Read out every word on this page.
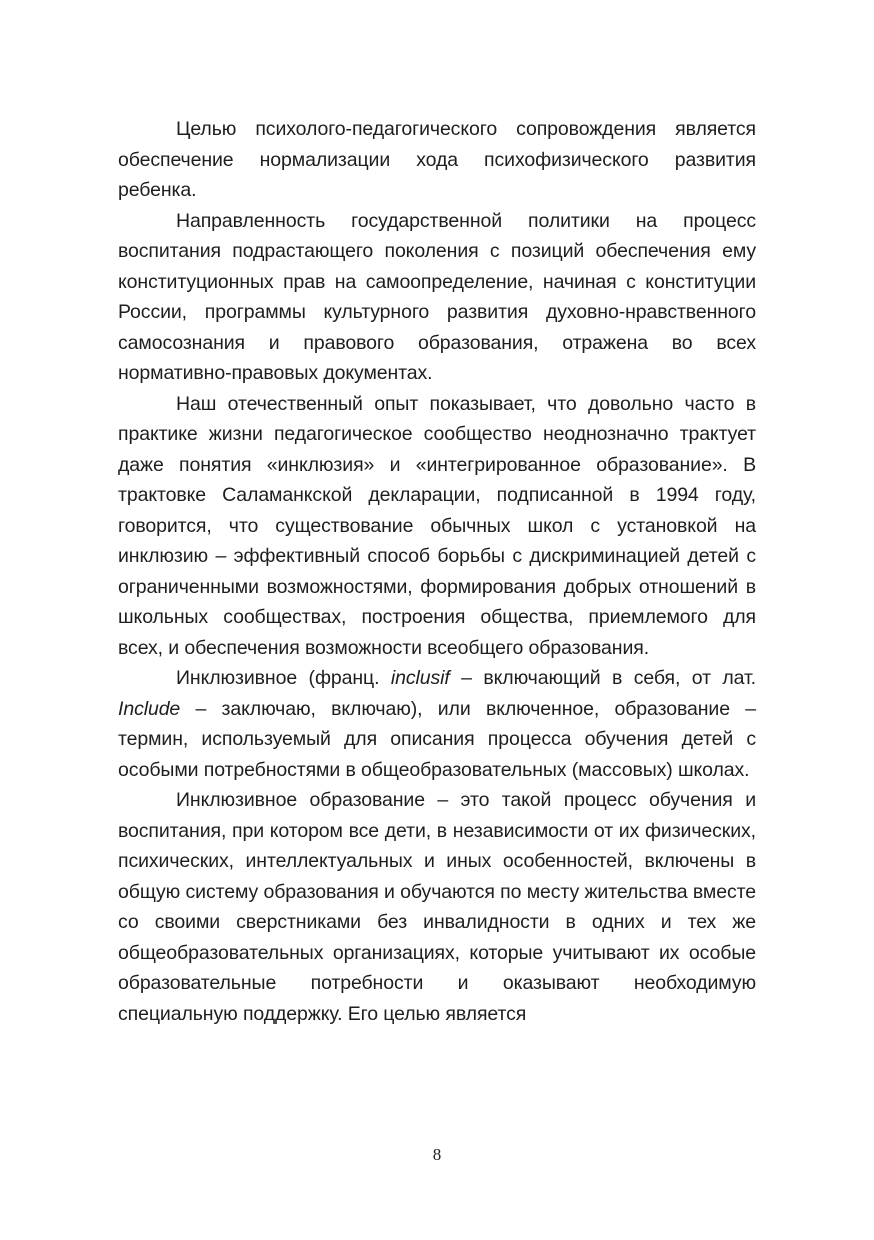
Целью психолого-педагогического сопровождения является обеспечение нормализации хода психофизического развития ребенка.

Направленность государственной политики на процесс воспитания подрастающего поколения с позиций обеспечения ему конституционных прав на самоопределение, начиная с конституции России, программы культурного развития духовно-нравственного самосознания и правового образования, отражена во всех нормативно-правовых документах.

Наш отечественный опыт показывает, что довольно часто в практике жизни педагогическое сообщество неоднозначно трактует даже понятия «инклюзия» и «интегрированное образование». В трактовке Саламанкской декларации, подписанной в 1994 году, говорится, что существование обычных школ с установкой на инклюзию – эффективный способ борьбы с дискриминацией детей с ограниченными возможностями, формирования добрых отношений в школьных сообществах, построения общества, приемлемого для всех, и обеспечения возможности всеобщего образования.

Инклюзивное (франц. inclusif – включающий в себя, от лат. Include – заключаю, включаю), или включенное, образование – термин, используемый для описания процесса обучения детей с особыми потребностями в общеобразовательных (массовых) школах.

Инклюзивное образование – это такой процесс обучения и воспитания, при котором все дети, в независимости от их физических, психических, интеллектуальных и иных особенностей, включены в общую систему образования и обучаются по месту жительства вместе со своими сверстниками без инвалидности в одних и тех же общеобразовательных организациях, которые учитывают их особые образовательные потребности и оказывают необходимую специальную поддержку. Его целью является

8
